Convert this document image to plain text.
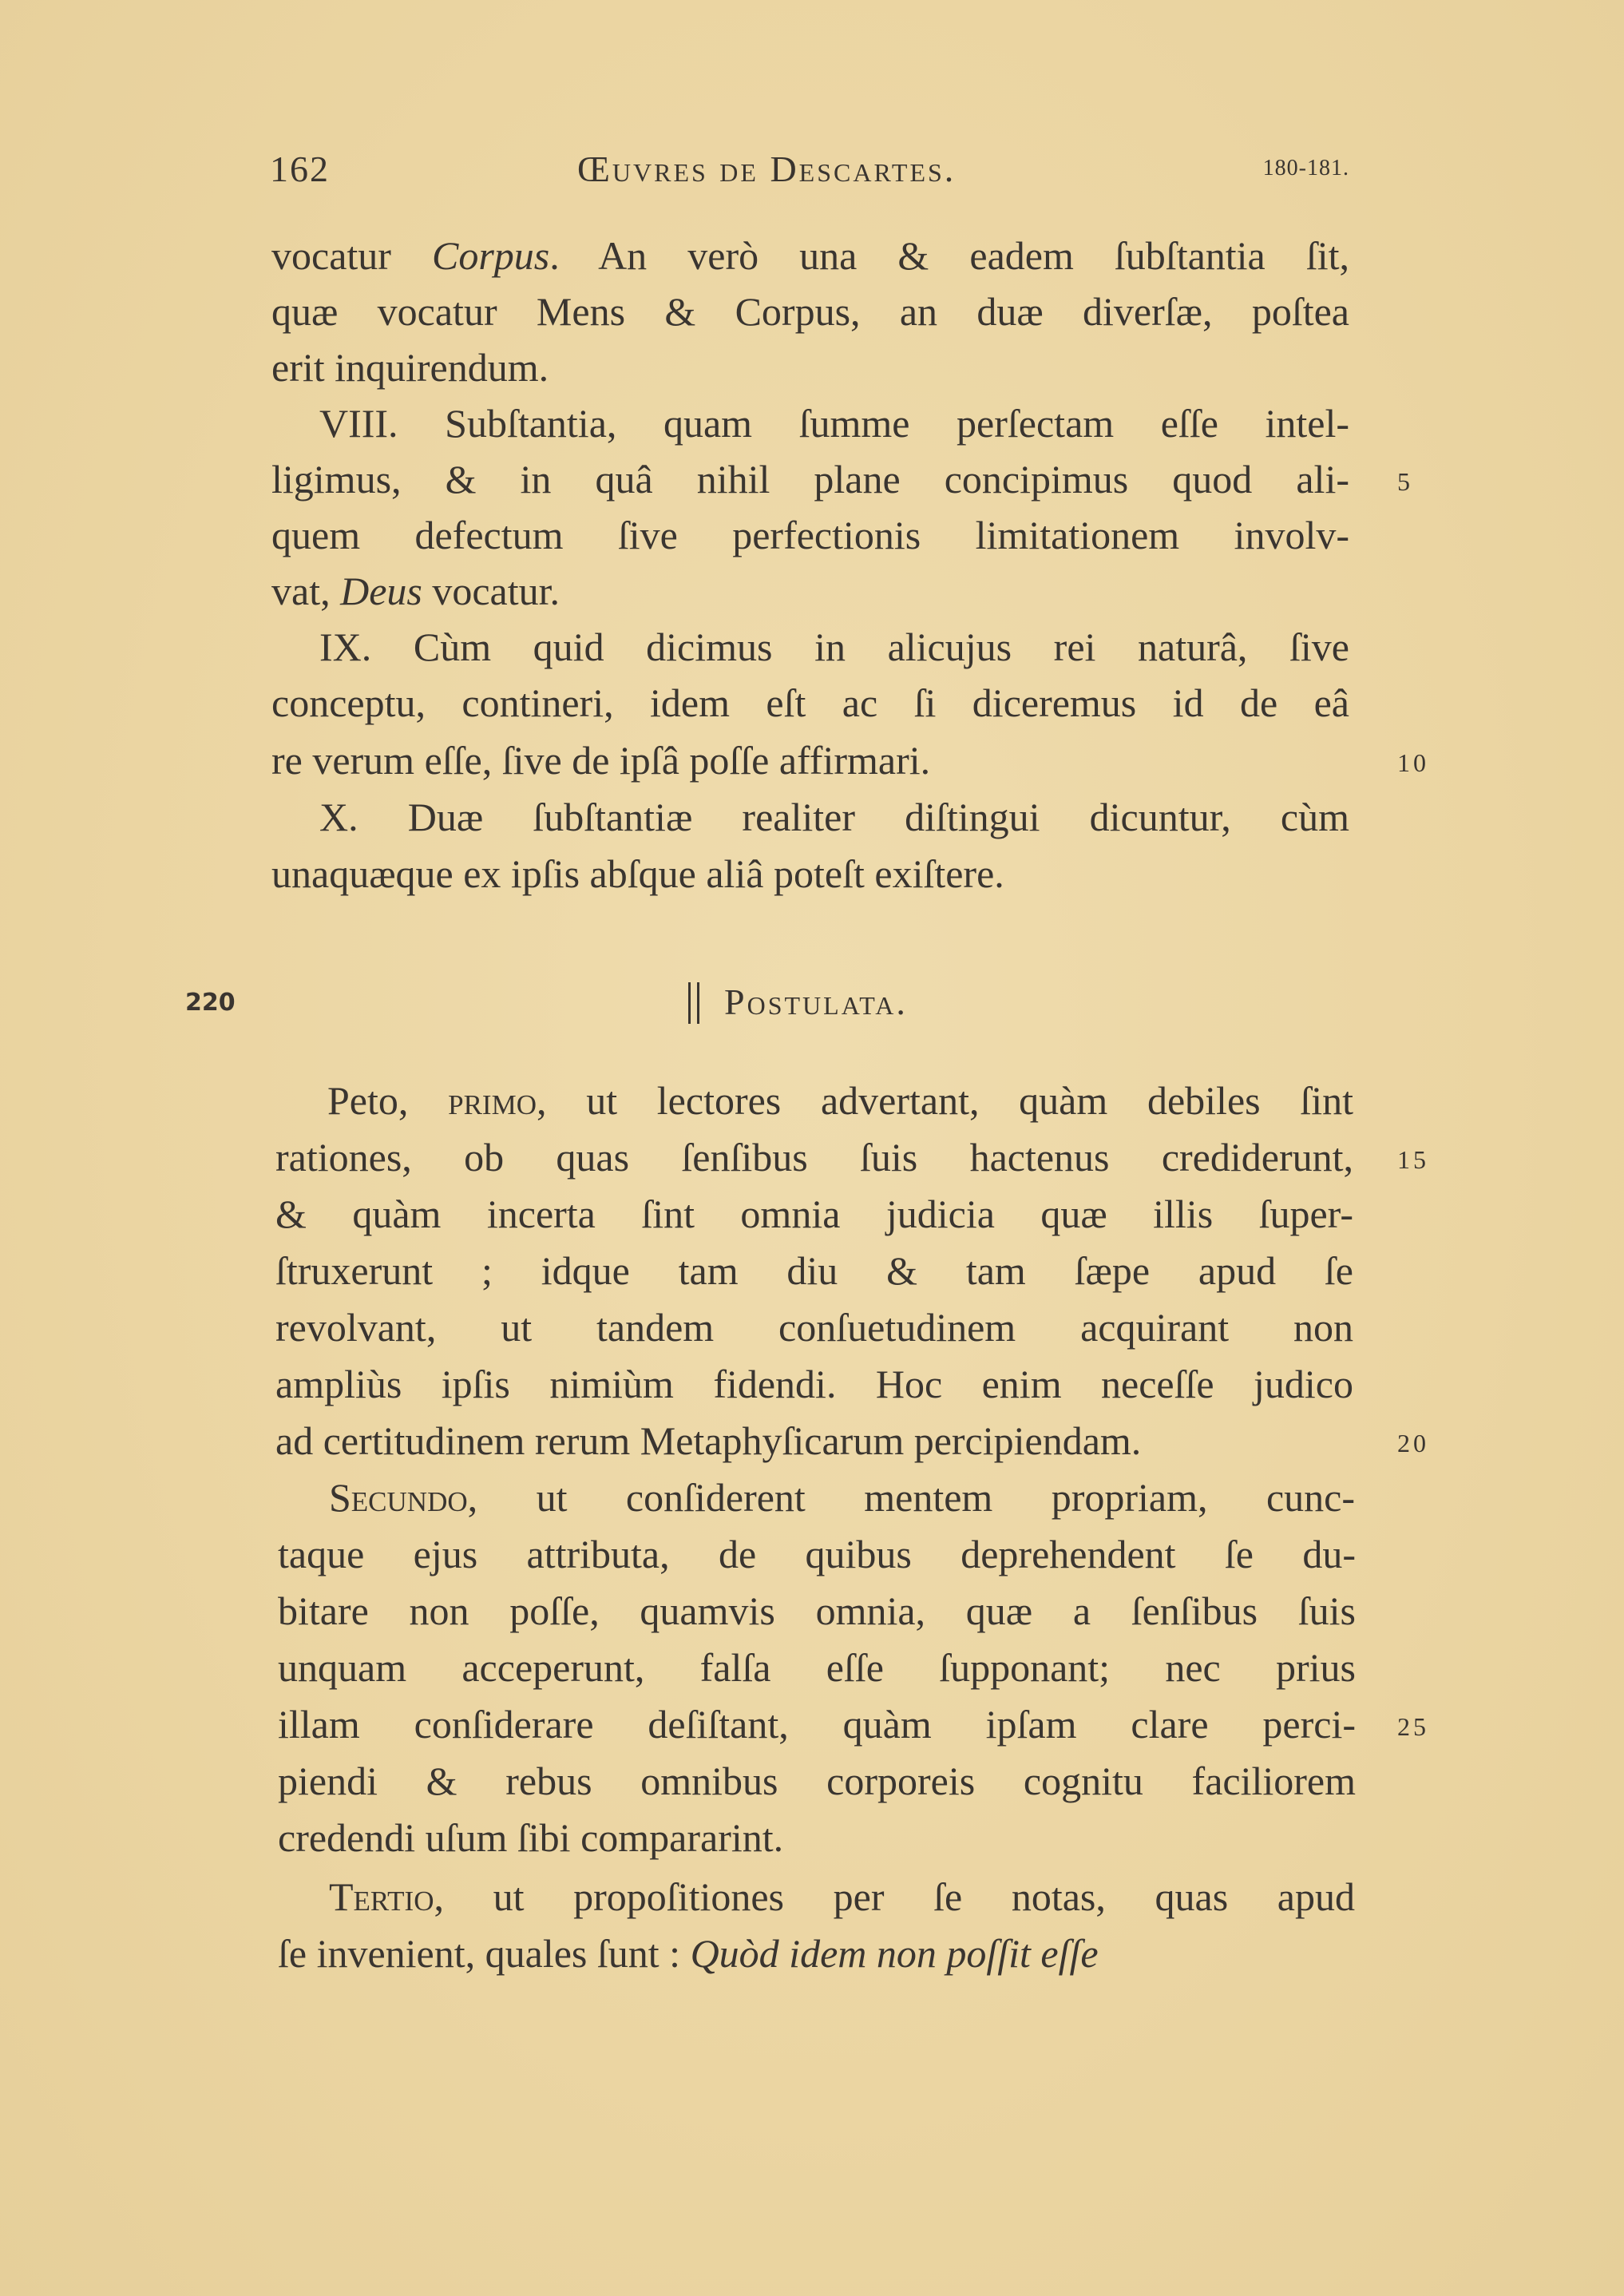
162	Œuvres de Descartes.	180-181.
vocatur Corpus. An verò una & eadem ſubſtantia ſit,
quæ vocatur Mens & Corpus, an duæ diverſæ, poſtea
erit inquirendum.
VIII. Subſtantia, quam ſumme perſectam eſſe intel-
ligimus, & in quâ nihil plane concipimus quod ali-
quem defectum ſive perfectionis limitationem involv-
vat, Deus vocatur.
IX. Cùm quid dicimus in alicujus rei naturâ, ſive
conceptu, contineri, idem eſt ac ſi diceremus id de eâ
re verum eſſe, ſive de ipſâ poſſe affirmari.
X. Duæ ſubſtantiæ realiter diſtingui dicuntur, cùm
unaquæque ex ipſis abſque aliâ poteſt exiſtere.
220	Postulata.
Peto, primo, ut lectores advertant, quàm debiles ſint
rationes, ob quas ſenſibus ſuis hactenus crediderunt,
& quàm incerta ſint omnia judicia quæ illis ſuper-
ſtruxerunt ; idque tam diu & tam ſæpe apud ſe
revolvant, ut tandem conſuetudinem acquirant non
ampliùs ipſis nimiùm fidendi. Hoc enim neceſſe judico
ad certitudinem rerum Metaphyſicarum percipiendam.
Secundo, ut conſiderent mentem propriam, cunc-
taque ejus attributa, de quibus deprehendent ſe du-
bitare non poſſe, quamvis omnia, quæ a ſenſibus ſuis
unquam acceperunt, falſa eſſe ſupponant; nec prius
illam conſiderare deſiſtant, quàm ipſam clare perci-
piendi & rebus omnibus corporeis cognitu faciliorem
credendi uſum ſibi compararint.
Tertio, ut propoſitiones per ſe notas, quas apud
ſe invenient, quales ſunt : Quòd idem non poſſit eſſe
5
10
15
20
25
